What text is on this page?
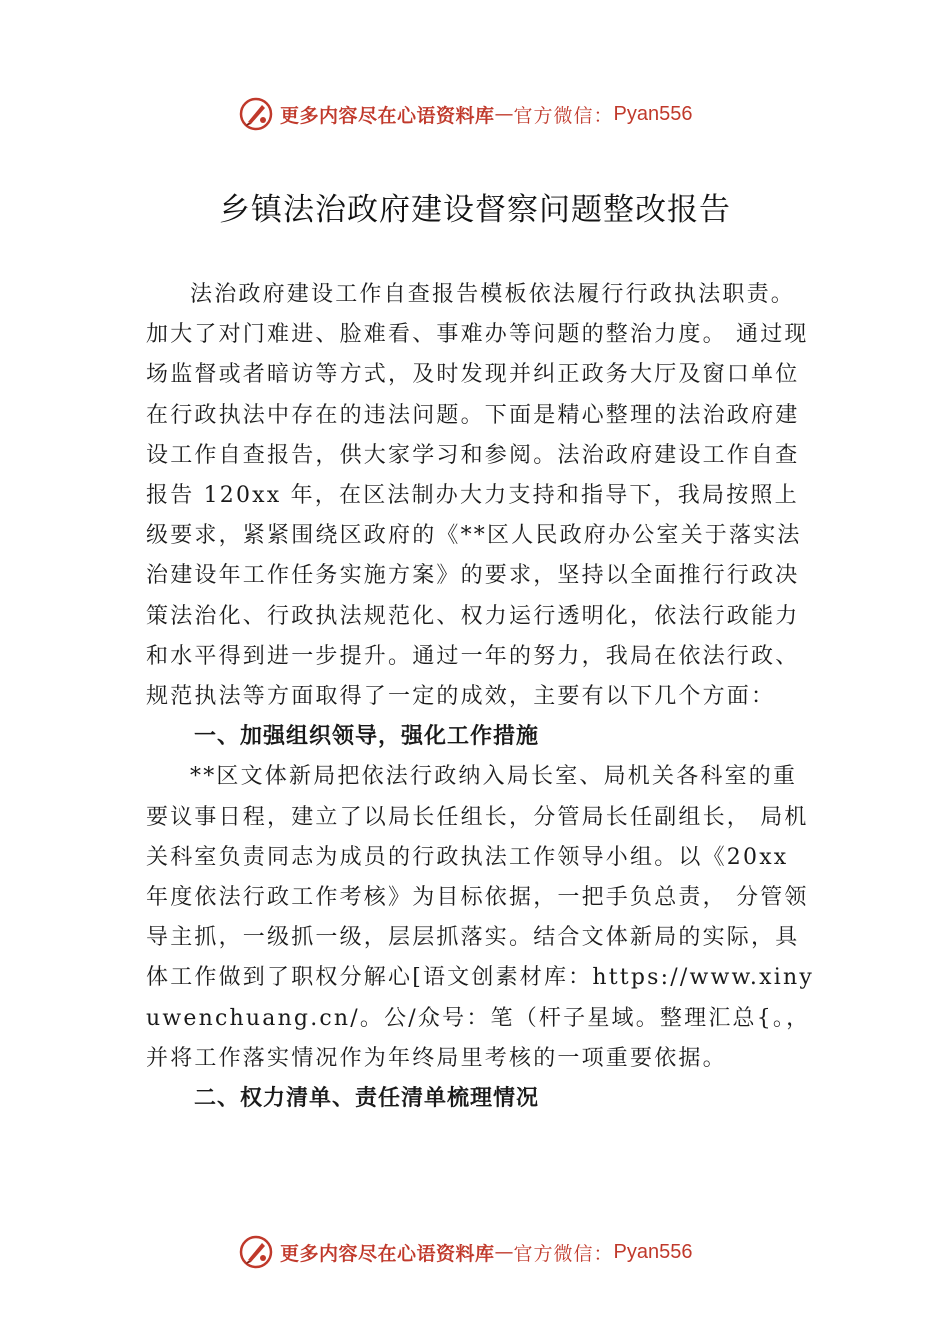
更多内容尽在心语资料库 — 官方微信： Pyan556
乡镇法治政府建设督察问题整改报告

法治政府建设工作自查报告模板依法履行行政执法职责。加大了对门难进、脸难看、事难办等问题的整治力度。 通过现场监督或者暗访等方式，及时发现并纠正政务大厅及窗口单位在行政执法中存在的违法问题。下面是精心整理的法治政府建设工作自查报告，供大家学习和参阅。法治政府建设工作自查报告 120xx 年，在区法制办大力支持和指导下，我局按照上级要求，紧紧围绕区政府的《**区人民政府办公室关于落实法治建设年工作任务实施方案》的要求，坚持以全面推行行政决策法治化、行政执法规范化、权力运行透明化，依法行政能力和水平得到进一步提升。通过一年的努力，我局在依法行政、规范执法等方面取得了一定的成效，主要有以下几个方面：

一、加强组织领导，强化工作措施

**区文体新局把依法行政纳入局长室、局机关各科室的重要议事日程，建立了以局长任组长，分管局长任副组长， 局机关科室负责同志为成员的行政执法工作领导小组。以《20xx 年度依法行政工作考核》为目标依据，一把手负总责， 分管领导主抓，一级抓一级，层层抓落实。结合文体新局的实际，具体工作做到了职权分解心[语文创素材库：https://www.xinyuwenchuang.cn/。公/众号：笔（杆子星域。整理汇总{。，并将工作落实情况作为年终局里考核的一项重要依据。

二、权力清单、责任清单梳理情况

更多内容尽在心语资料库 — 官方微信： Pyan556
